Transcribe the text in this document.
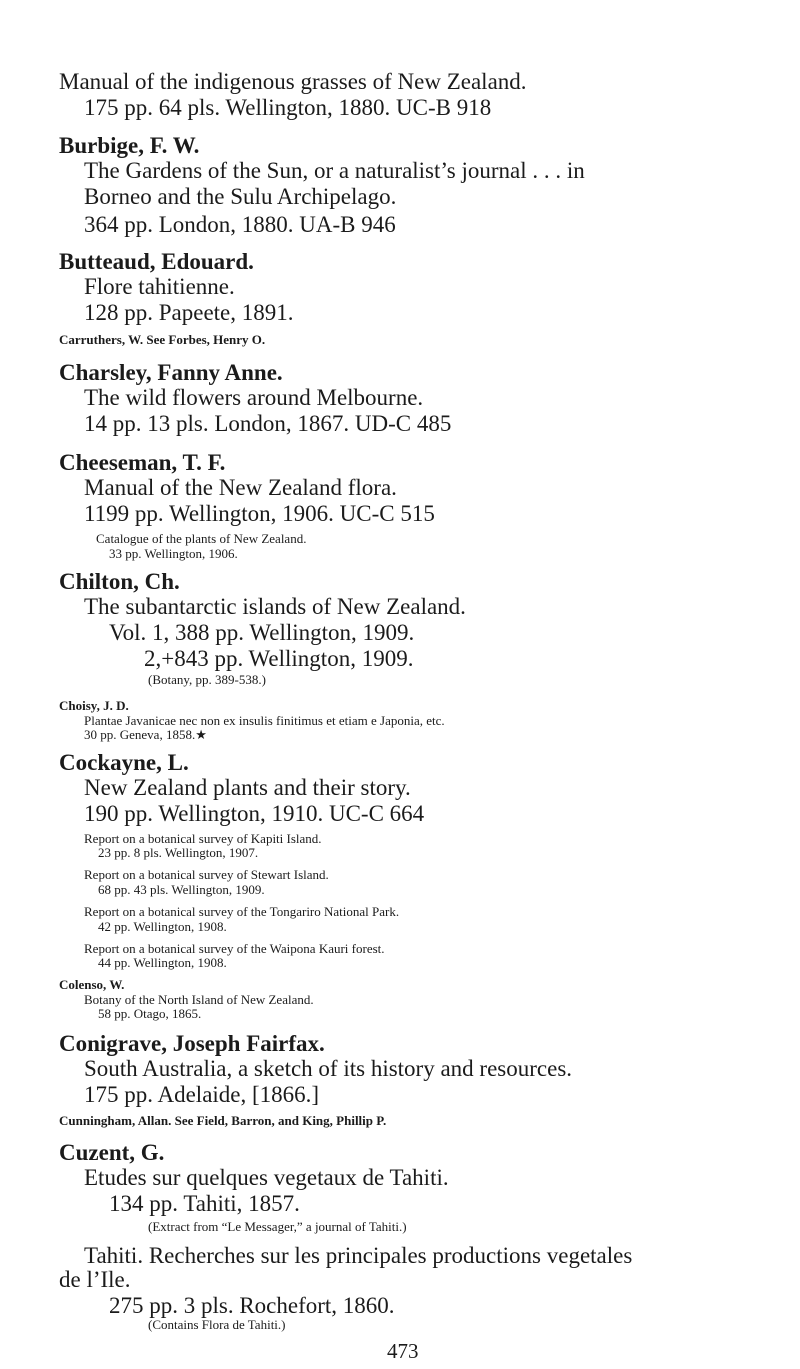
Manual of the indigenous grasses of New Zealand.
175 pp. 64 pls. Wellington, 1880. UC-B 918
Burbige, F. W.
The Gardens of the Sun, or a naturalist’s journal . . . in
Borneo and the Sulu Archipelago.
364 pp. London, 1880. UA-B 946
Butteaud, Edouard.
Flore tahitienne.
128 pp. Papeete, 1891.
Carruthers, W. See Forbes, Henry O.
Charsley, Fanny Anne.
The wild flowers around Melbourne.
14 pp. 13 pls. London, 1867. UD-C 485
Cheeseman, T. F.
Manual of the New Zealand flora.
1199 pp. Wellington, 1906. UC-C 515
Catalogue of the plants of New Zealand.
33 pp. Wellington, 1906.
Chilton, Ch.
The subantarctic islands of New Zealand.
Vol. 1, 388 pp. Wellington, 1909.
2,+843 pp. Wellington, 1909.
(Botany, pp. 389-538.)
Choisy, J. D.
Plantae Javanicae nec non ex insulis finitimus et etiam e Japonia, etc.
30 pp. Geneva, 1858.★
Cockayne, L.
New Zealand plants and their story.
190 pp. Wellington, 1910. UC-C 664
Report on a botanical survey of Kapiti Island.
23 pp. 8 pls. Wellington, 1907.
Report on a botanical survey of Stewart Island.
68 pp. 43 pls. Wellington, 1909.
Report on a botanical survey of the Tongariro National Park.
42 pp. Wellington, 1908.
Report on a botanical survey of the Waipona Kauri forest.
44 pp. Wellington, 1908.
Colenso, W.
Botany of the North Island of New Zealand.
58 pp. Otago, 1865.
Conigrave, Joseph Fairfax.
South Australia, a sketch of its history and resources.
175 pp. Adelaide, [1866.]
Cunningham, Allan. See Field, Barron, and King, Phillip P.
Cuzent, G.
Etudes sur quelques vegetaux de Tahiti.
134 pp. Tahiti, 1857.
(Extract from “Le Messager,” a journal of Tahiti.)
Tahiti. Recherches sur les principales productions vegetales
de l’Ile.
275 pp. 3 pls. Rochefort, 1860.
(Contains Flora de Tahiti.)
473
